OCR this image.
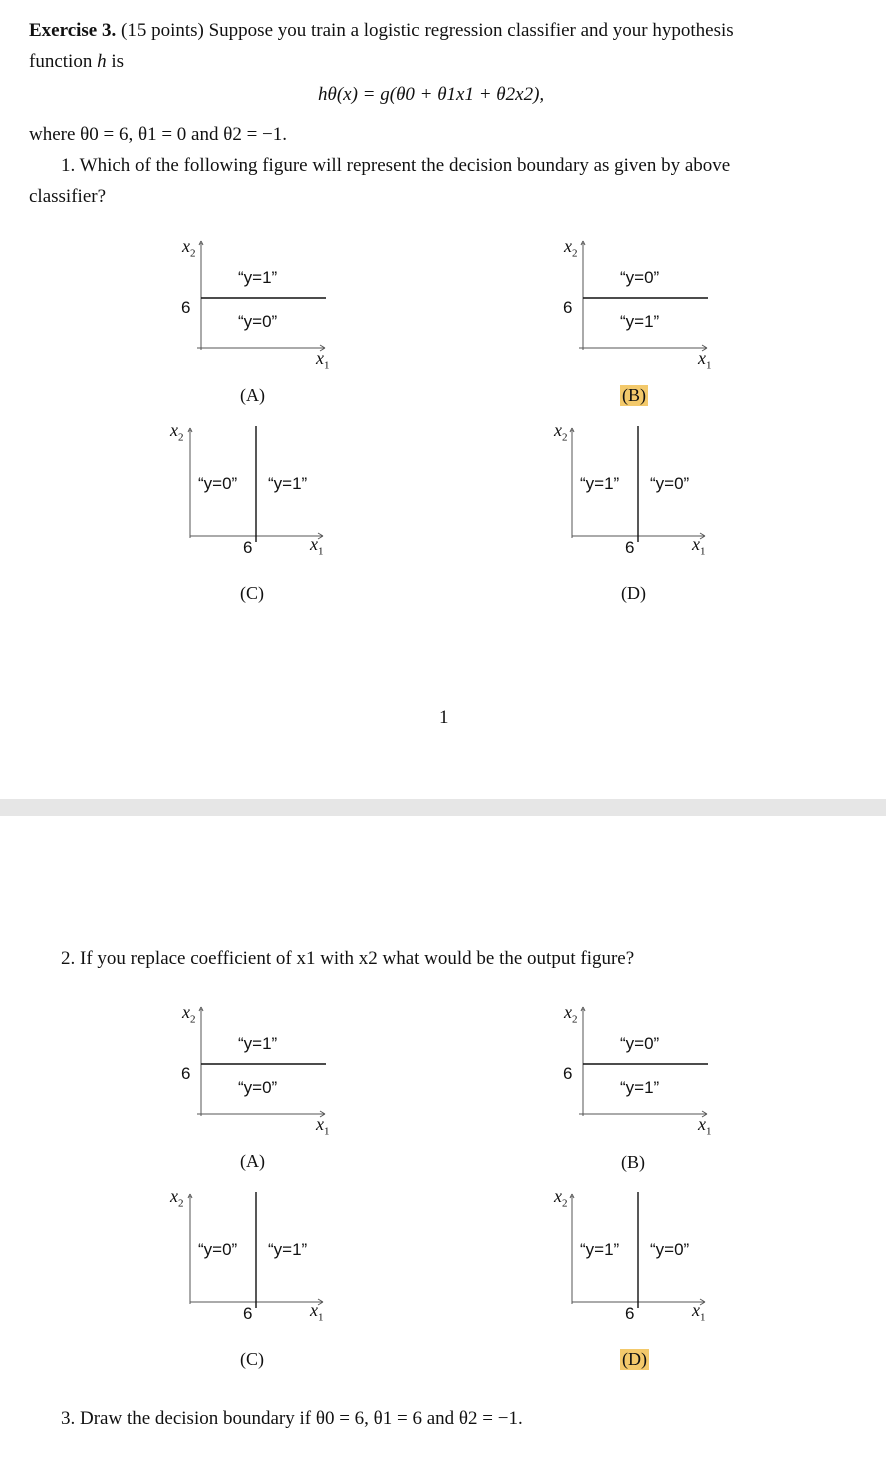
Exercise 3. (15 points) Suppose you train a logistic regression classifier and your hypothesis
function h is
hθ(x) = g(θ0 + θ1x1 + θ2x2),
where θ0 = 6, θ1 = 0 and θ2 = −1.
1. Which of the following figure will represent the decision boundary as given by above
classifier?
$x_2$
$x_1$
6
“y=1”
“y=0”
(A)
$x_2$
$x_1$
6
“y=0”
“y=1”
(B)
$x_2$
$x_1$
6
“y=0” “y=1”
(C)
$x_2$
$x_1$
6
“y=1” “y=0”
(D)
1
2. If you replace coefficient of x1 with x2 what would be the output figure?
$x_2$
$x_1$
6
“y=1”
“y=0”
(A)
$x_2$
$x_1$
6
“y=0”
“y=1”
(B)
$x_2$
$x_1$
6
“y=0” “y=1”
(C)
$x_2$
$x_1$
6
“y=1” “y=0”
(D)
3. Draw the decision boundary if θ0 = 6, θ1 = 6 and θ2 = −1.
